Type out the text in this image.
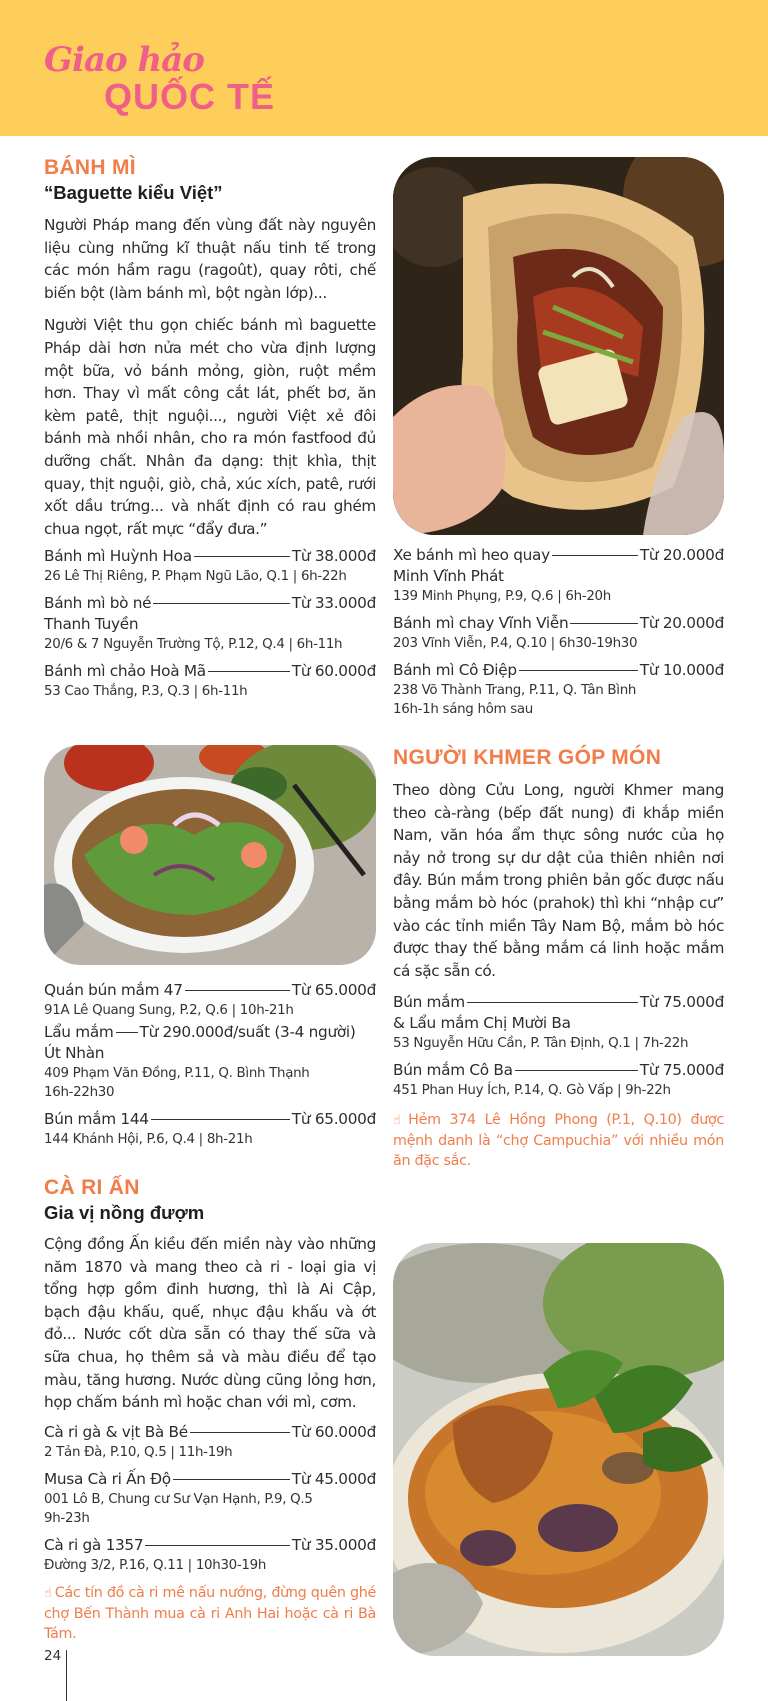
Giao hảo
QUỐC TẾ
BÁNH MÌ
“Baguette kiểu Việt”
Người Pháp mang đến vùng đất này nguyên liệu cùng những kĩ thuật nấu tinh tế trong các món hầm ragu (ragoût), quay rôti, chế biến bột (làm bánh mì, bột ngàn lớp)...
Người Việt thu gọn chiếc bánh mì baguette Pháp dài hơn nửa mét cho vừa định lượng một bữa, vỏ bánh mỏng, giòn, ruột mềm hơn. Thay vì mất công cắt lát, phết bơ, ăn kèm patê, thịt nguội..., người Việt xẻ đôi bánh mà nhồi nhân, cho ra món fastfood đủ dưỡng chất. Nhân đa dạng: thịt khìa, thịt quay, thịt nguội, giò, chả, xúc xích, patê, rưới xốt dầu trứng... và nhất định có rau ghém chua ngọt, rất mực “đẩy đưa.”
Bánh mì Huỳnh Hoa	Từ 38.000đ
26 Lê Thị Riêng, P. Phạm Ngũ Lão, Q.1 | 6h-22h
Bánh mì bò né	Từ 33.000đ
Thanh Tuyền
20/6 & 7 Nguyễn Trường Tộ, P.12, Q.4 | 6h-11h
Bánh mì chảo Hoà Mã	Từ 60.000đ
53 Cao Thắng, P.3, Q.3 | 6h-11h
Xe bánh mì heo quay	Từ 20.000đ
Minh Vĩnh Phát
139 Minh Phụng, P.9, Q.6 | 6h-20h
Bánh mì chay Vĩnh Viễn	Từ 20.000đ
203 Vĩnh Viễn, P.4, Q.10 | 6h30-19h30
Bánh mì Cô Điệp	Từ 10.000đ
238 Võ Thành Trang, P.11, Q. Tân Bình
16h-1h sáng hôm sau
Quán bún mắm 47	Từ 65.000đ
91A Lê Quang Sung, P.2, Q.6 | 10h-21h
Lẩu mắm Từ 290.000đ/suất (3-4 người)
Út Nhàn
409 Phạm Văn Đồng, P.11, Q. Bình Thạnh
16h-22h30
Bún mắm 144	Từ 65.000đ
144 Khánh Hội, P.6, Q.4 | 8h-21h
NGƯỜI KHMER GÓP MÓN
Theo dòng Cửu Long, người Khmer mang theo cà-ràng (bếp đất nung) đi khắp miền Nam, văn hóa ẩm thực sông nước của họ nảy nở trong sự dư dật của thiên nhiên nơi đây. Bún mắm trong phiên bản gốc được nấu bằng mắm bò hóc (prahok) thì khi “nhập cư” vào các tỉnh miền Tây Nam Bộ, mắm bò hóc được thay thế bằng mắm cá linh hoặc mắm cá sặc sẵn có.
Bún mắm	Từ 75.000đ
& Lẩu mắm Chị Mười Ba
53 Nguyễn Hữu Cần, P. Tân Định, Q.1 | 7h-22h
Bún mắm Cô Ba	Từ 75.000đ
451 Phan Huy Ích, P.14, Q. Gò Vấp | 9h-22h
☝ Hẻm 374 Lê Hồng Phong (P.1, Q.10) được mệnh danh là “chợ Campuchia” với nhiều món ăn đặc sắc.
CÀ RI ẤN
Gia vị nồng đượm
Cộng đồng Ấn kiều đến miền này vào những năm 1870 và mang theo cà ri - loại gia vị tổng hợp gồm đinh hương, thì là Ai Cập, bạch đậu khấu, quế, nhục đậu khấu và ớt đỏ... Nước cốt dừa sẵn có thay thế sữa và sữa chua, họ thêm sả và màu điều để tạo màu, tăng hương. Nước dùng cũng lỏng hơn, họp chấm bánh mì hoặc chan với mì, cơm.
Cà ri gà & vịt Bà Bé	Từ 60.000đ
2 Tản Đà, P.10, Q.5 | 11h-19h
Musa Cà ri Ấn Độ	Từ 45.000đ
001 Lô B, Chung cư Sư Vạn Hạnh, P.9, Q.5
9h-23h
Cà ri gà 1357	Từ 35.000đ
Đường 3/2, P.16, Q.11 | 10h30-19h
☝ Các tín đồ cà ri mê nấu nướng, đừng quên ghé chợ Bến Thành mua cà ri Anh Hai hoặc cà ri Bà Tám.
24
